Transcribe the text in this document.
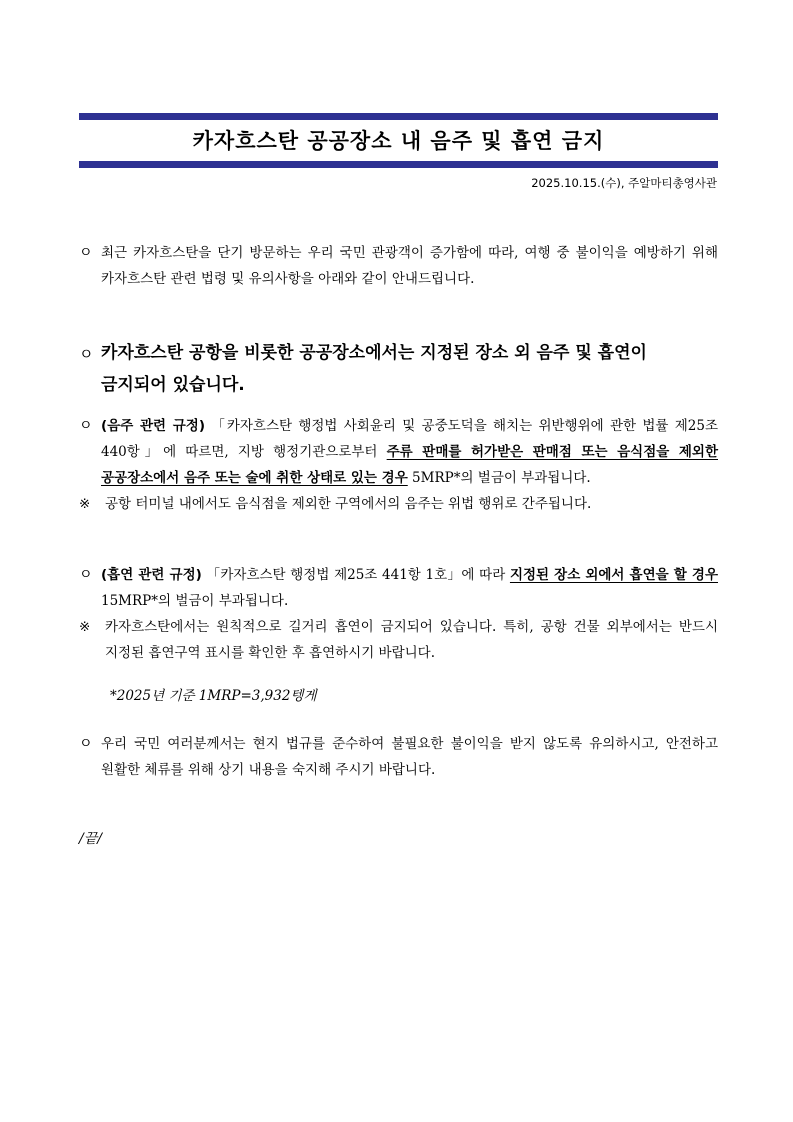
카자흐스탄 공공장소 내 음주 및 흡연 금지
2025.10.15.(수), 주알마티총영사관
ㅇ 최근 카자흐스탄을 단기 방문하는 우리 국민 관광객이 증가함에 따라, 여행 중 불이익을 예방하기 위해 카자흐스탄 관련 법령 및 유의사항을 아래와 같이 안내드립니다.
ㅇ 카자흐스탄 공항을 비롯한 공공장소에서는 지정된 장소 외 음주 및 흡연이 금지되어 있습니다.
ㅇ (음주 관련 규정) 「카자흐스탄 행정법 사회윤리 및 공중도덕을 해치는 위반행위에 관한 법률 제25조 440항」에 따르면, 지방 행정기관으로부터 주류 판매를 허가받은 판매점 또는 음식점을 제외한 공공장소에서 음주 또는 술에 취한 상태로 있는 경우 5MRP*의 벌금이 부과됩니다.
※ 공항 터미널 내에서도 음식점을 제외한 구역에서의 음주는 위법 행위로 간주됩니다.
ㅇ (흡연 관련 규정) 「카자흐스탄 행정법 제25조 441항 1호」에 따라 지정된 장소 외에서 흡연을 할 경우 15MRP*의 벌금이 부과됩니다.
※ 카자흐스탄에서는 원칙적으로 길거리 흡연이 금지되어 있습니다. 특히, 공항 건물 외부에서는 반드시 지정된 흡연구역 표시를 확인한 후 흡연하시기 바랍니다.
*2025년 기준 1MRP=3,932텡게
ㅇ 우리 국민 여러분께서는 현지 법규를 준수하여 불필요한 불이익을 받지 않도록 유의하시고, 안전하고 원활한 체류를 위해 상기 내용을 숙지해 주시기 바랍니다.
/끝/
